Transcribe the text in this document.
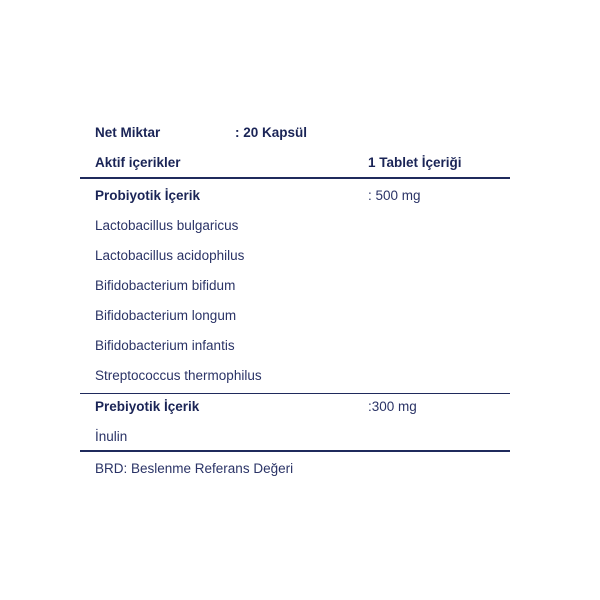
Net Miktar	: 20 Kapsül
Aktif içerikler	1 Tablet İçeriği
Probiyotik İçerik	: 500 mg
Lactobacillus bulgaricus
Lactobacillus acidophilus
Bifidobacterium bifidum
Bifidobacterium longum
Bifidobacterium infantis
Streptococcus thermophilus
Prebiyotik İçerik	:300 mg
İnulin
BRD: Beslenme Referans Değeri
